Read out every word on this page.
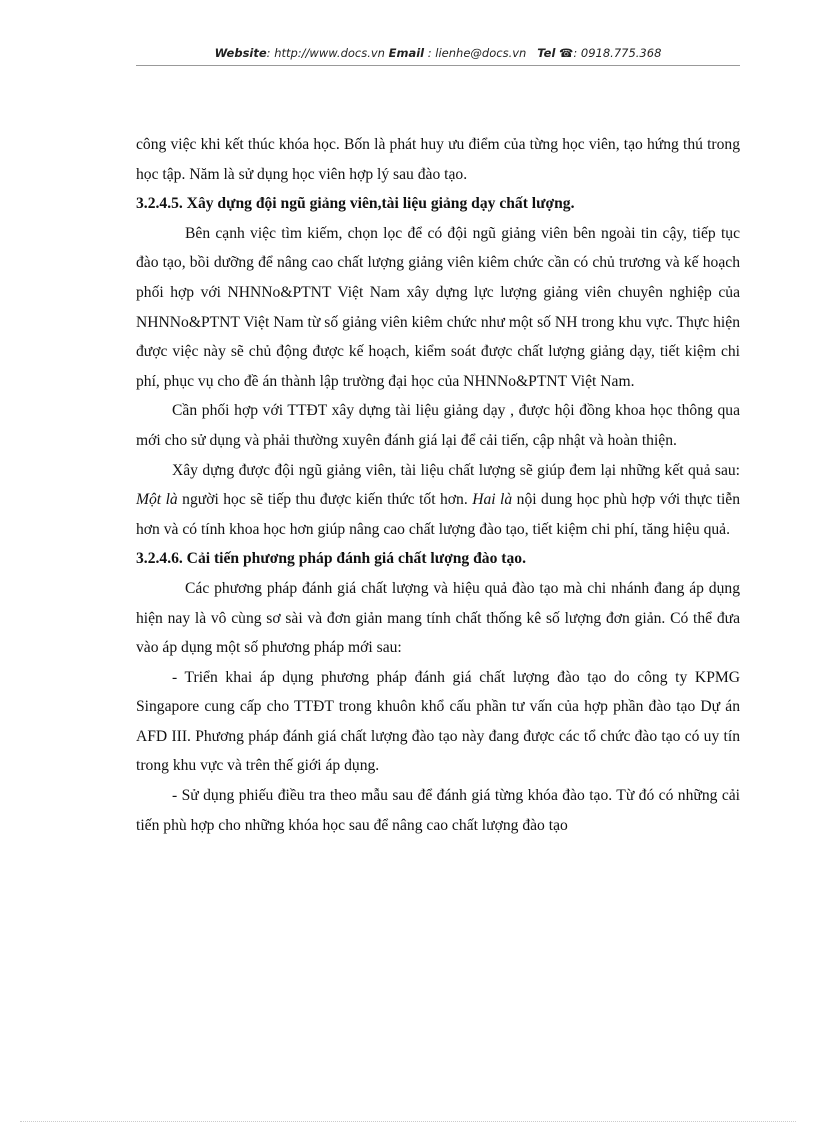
Website: http://www.docs.vn Email : lienhe@docs.vn Tel ☎: 0918.775.368

công việc khi kết thúc khóa học. Bốn là phát huy ưu điểm của từng học viên, tạo hứng thú trong học tập. Năm là sử dụng học viên hợp lý sau đào tạo.

3.2.4.5. Xây dựng đội ngũ giảng viên,tài liệu giảng dạy chất lượng.

Bên cạnh việc tìm kiếm, chọn lọc để có đội ngũ giảng viên bên ngoài tin cậy, tiếp tục đào tạo, bồi dưỡng để nâng cao chất lượng giảng viên kiêm chức cần có chủ trương và kế hoạch phối hợp với NHNNo&PTNT Việt Nam xây dựng lực lượng giảng viên chuyên nghiệp của NHNNo&PTNT Việt Nam từ số giảng viên kiêm chức như một số NH trong khu vực. Thực hiện được việc này sẽ chủ động được kế hoạch, kiểm soát được chất lượng giảng dạy, tiết kiệm chi phí, phục vụ cho đề án thành lập trường đại học của NHNNo&PTNT Việt Nam.

Cần phối hợp với TTĐT xây dựng tài liệu giảng dạy , được hội đồng khoa học thông qua mới cho sử dụng và phải thường xuyên đánh giá lại để cải tiến, cập nhật và hoàn thiện.

Xây dựng được đội ngũ giảng viên, tài liệu chất lượng sẽ giúp đem lại những kết quả sau: Một là người học sẽ tiếp thu được kiến thức tốt hơn. Hai là nội dung học phù hợp với thực tiễn hơn và có tính khoa học hơn giúp nâng cao chất lượng đào tạo, tiết kiệm chi phí, tăng hiệu quả.

3.2.4.6. Cải tiến phương pháp đánh giá chất lượng đào tạo.

Các phương pháp đánh giá chất lượng và hiệu quả đào tạo mà chi nhánh đang áp dụng hiện nay là vô cùng sơ sài và đơn giản mang tính chất thống kê số lượng đơn giản. Có thể đưa vào áp dụng một số phương pháp mới sau:

- Triển khai áp dụng phương pháp đánh giá chất lượng đào tạo do công ty KPMG Singapore cung cấp cho TTĐT trong khuôn khổ cấu phần tư vấn của hợp phần đào tạo Dự án AFD III. Phương pháp đánh giá chất lượng đào tạo này đang được các tổ chức đào tạo có uy tín trong khu vực và trên thế giới áp dụng.

- Sử dụng phiếu điều tra theo mẫu sau để đánh giá từng khóa đào tạo. Từ đó có những cải tiến phù hợp cho những khóa học sau để nâng cao chất lượng đào tạo
